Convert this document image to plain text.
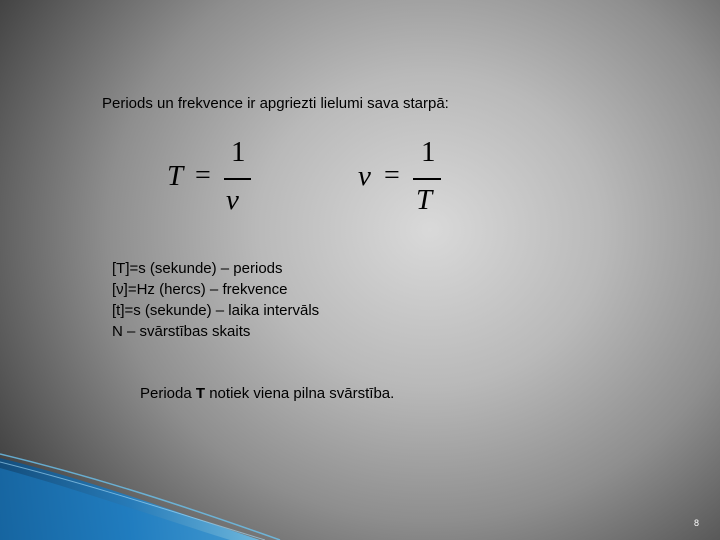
Periods un frekvence ir apgriezti lielumi sava starpā:
T =
1
ν
ν =
1
T
[T]=s (sekunde) – periods
[ν]=Hz (hercs) – frekvence
[t]=s (sekunde) – laika intervāls
N – svārstības skaits
Perioda T notiek viena pilna svārstība.
8
